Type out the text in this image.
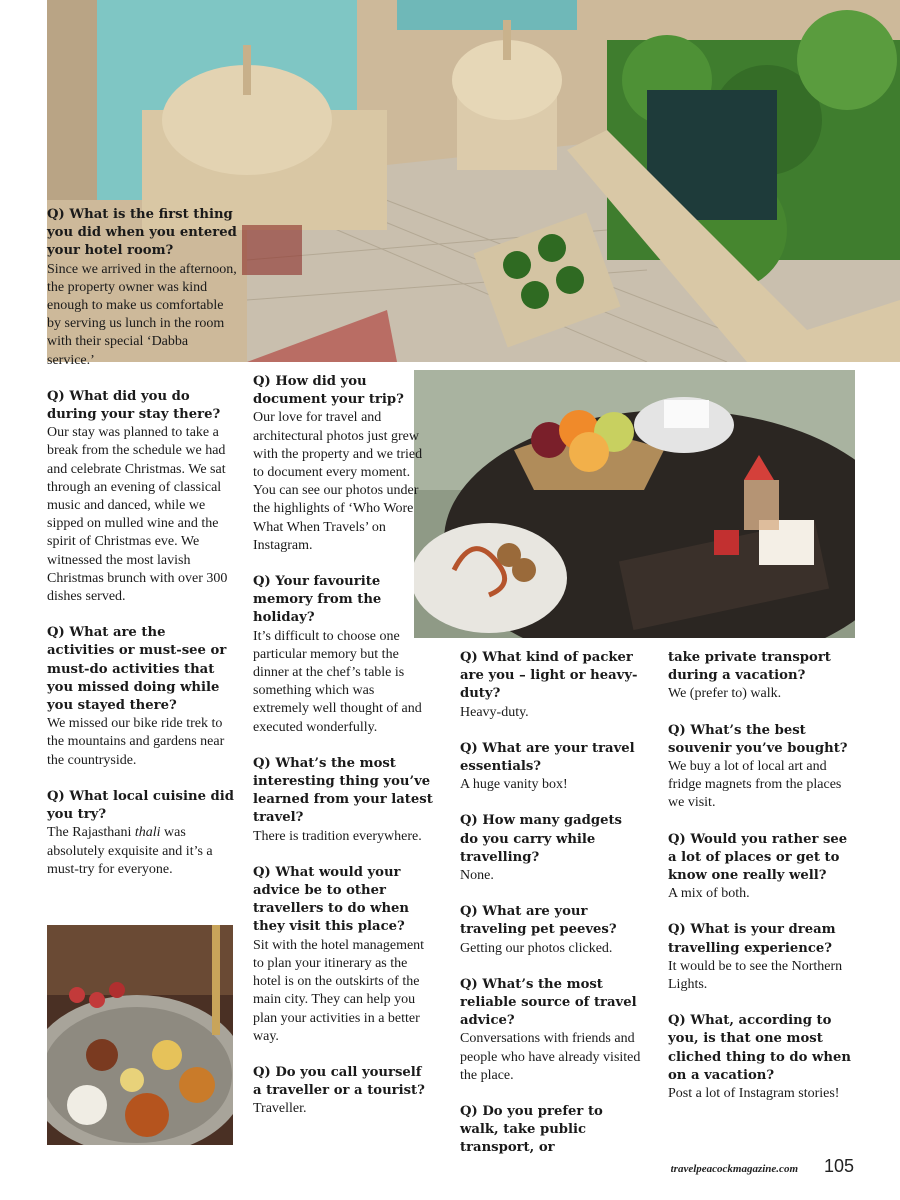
Q) What is the first thing you did when you entered your hotel room?
Since we arrived in the afternoon, the property owner was kind enough to make us comfortable by serving us lunch in the room with their special ‘Dabba service.’
Q) What did you do during your stay there?
Our stay was planned to take a break from the schedule we had and celebrate Christmas. We sat through an evening of classical music and danced, while we sipped on mulled wine and the spirit of Christmas eve. We witnessed the most lavish Christmas brunch with over 300 dishes served.
Q) What are the activities or must-see or must-do activities that you missed doing while you stayed there?
We missed our bike ride trek to the mountains and gardens near the countryside.
Q) What local cuisine did you try?
The Rajasthani thali was absolutely exquisite and it’s a must-try for everyone.
Q) How did you document your trip?
Our love for travel and architectural photos just grew with the property and we tried to document every moment. You can see our photos under the highlights of ‘Who Wore What When Travels’ on Instagram.
Q) Your favourite memory from the holiday?
It’s difficult to choose one particular memory but the dinner at the chef’s table is something which was extremely well thought of and executed wonderfully.
Q) What’s the most interesting thing you’ve learned from your latest travel?
There is tradition everywhere.
Q) What would your advice be to other travellers to do when they visit this place?
Sit with the hotel management to plan your itinerary as the hotel is on the outskirts of the main city. They can help you plan your activities in a better way.
Q) Do you call yourself a traveller or a tourist?
Traveller.
Q) What kind of packer are you – light or heavy-duty?
Heavy-duty.
Q) What are your travel essentials?
A huge vanity box!
Q) How many gadgets do you carry while travelling?
None.
Q) What are your traveling pet peeves?
Getting our photos clicked.
Q) What’s the most reliable source of travel advice?
Conversations with friends and people who have already visited the place.
Q) Do you prefer to walk, take public transport, or
take private transport during a vacation?
We (prefer to) walk.
Q) What’s the best souvenir you’ve bought?
We buy a lot of local art and fridge magnets from the places we visit.
Q) Would you rather see a lot of places or get to know one really well?
A mix of both.
Q) What is your dream travelling experience?
It would be to see the Northern Lights.
Q) What, according to you, is that one most cliched thing to do when on a vacation?
Post a lot of Instagram stories!
travelpeacockmagazine.com 105
